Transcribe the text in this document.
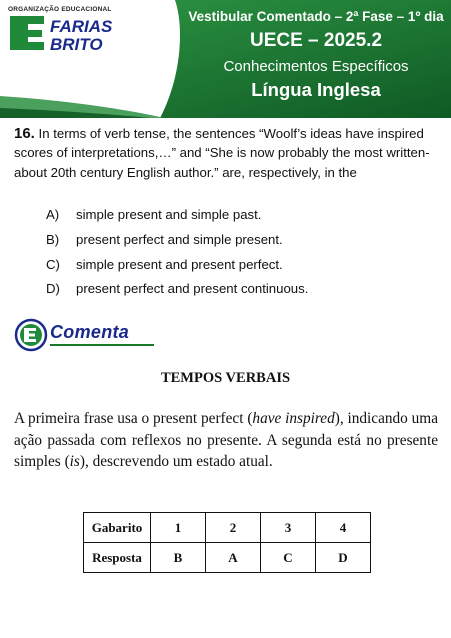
ORGANIZAÇÃO EDUCACIONAL
FARIAS
BRITO
Vestibular Comentado – 2ª Fase – 1º dia
UECE – 2025.2
Conhecimentos Específicos
Língua Inglesa
16. In terms of verb tense, the sentences “Woolf’s ideas have inspired scores of interpretations,…” and “She is now probably the most written-about 20th century English author.” are, respectively, in the
A)	simple present and simple past.
B)	present perfect and simple present.
C)	simple present and present perfect.
D)	present perfect and present continuous.
Comenta
TEMPOS VERBAIS
A primeira frase usa o present perfect (have inspired), indicando uma ação passada com reflexos no presente. A segunda está no presente simples (is), descrevendo um estado atual.
Gabarito	1	2	3	4
Resposta	B	A	C	D
